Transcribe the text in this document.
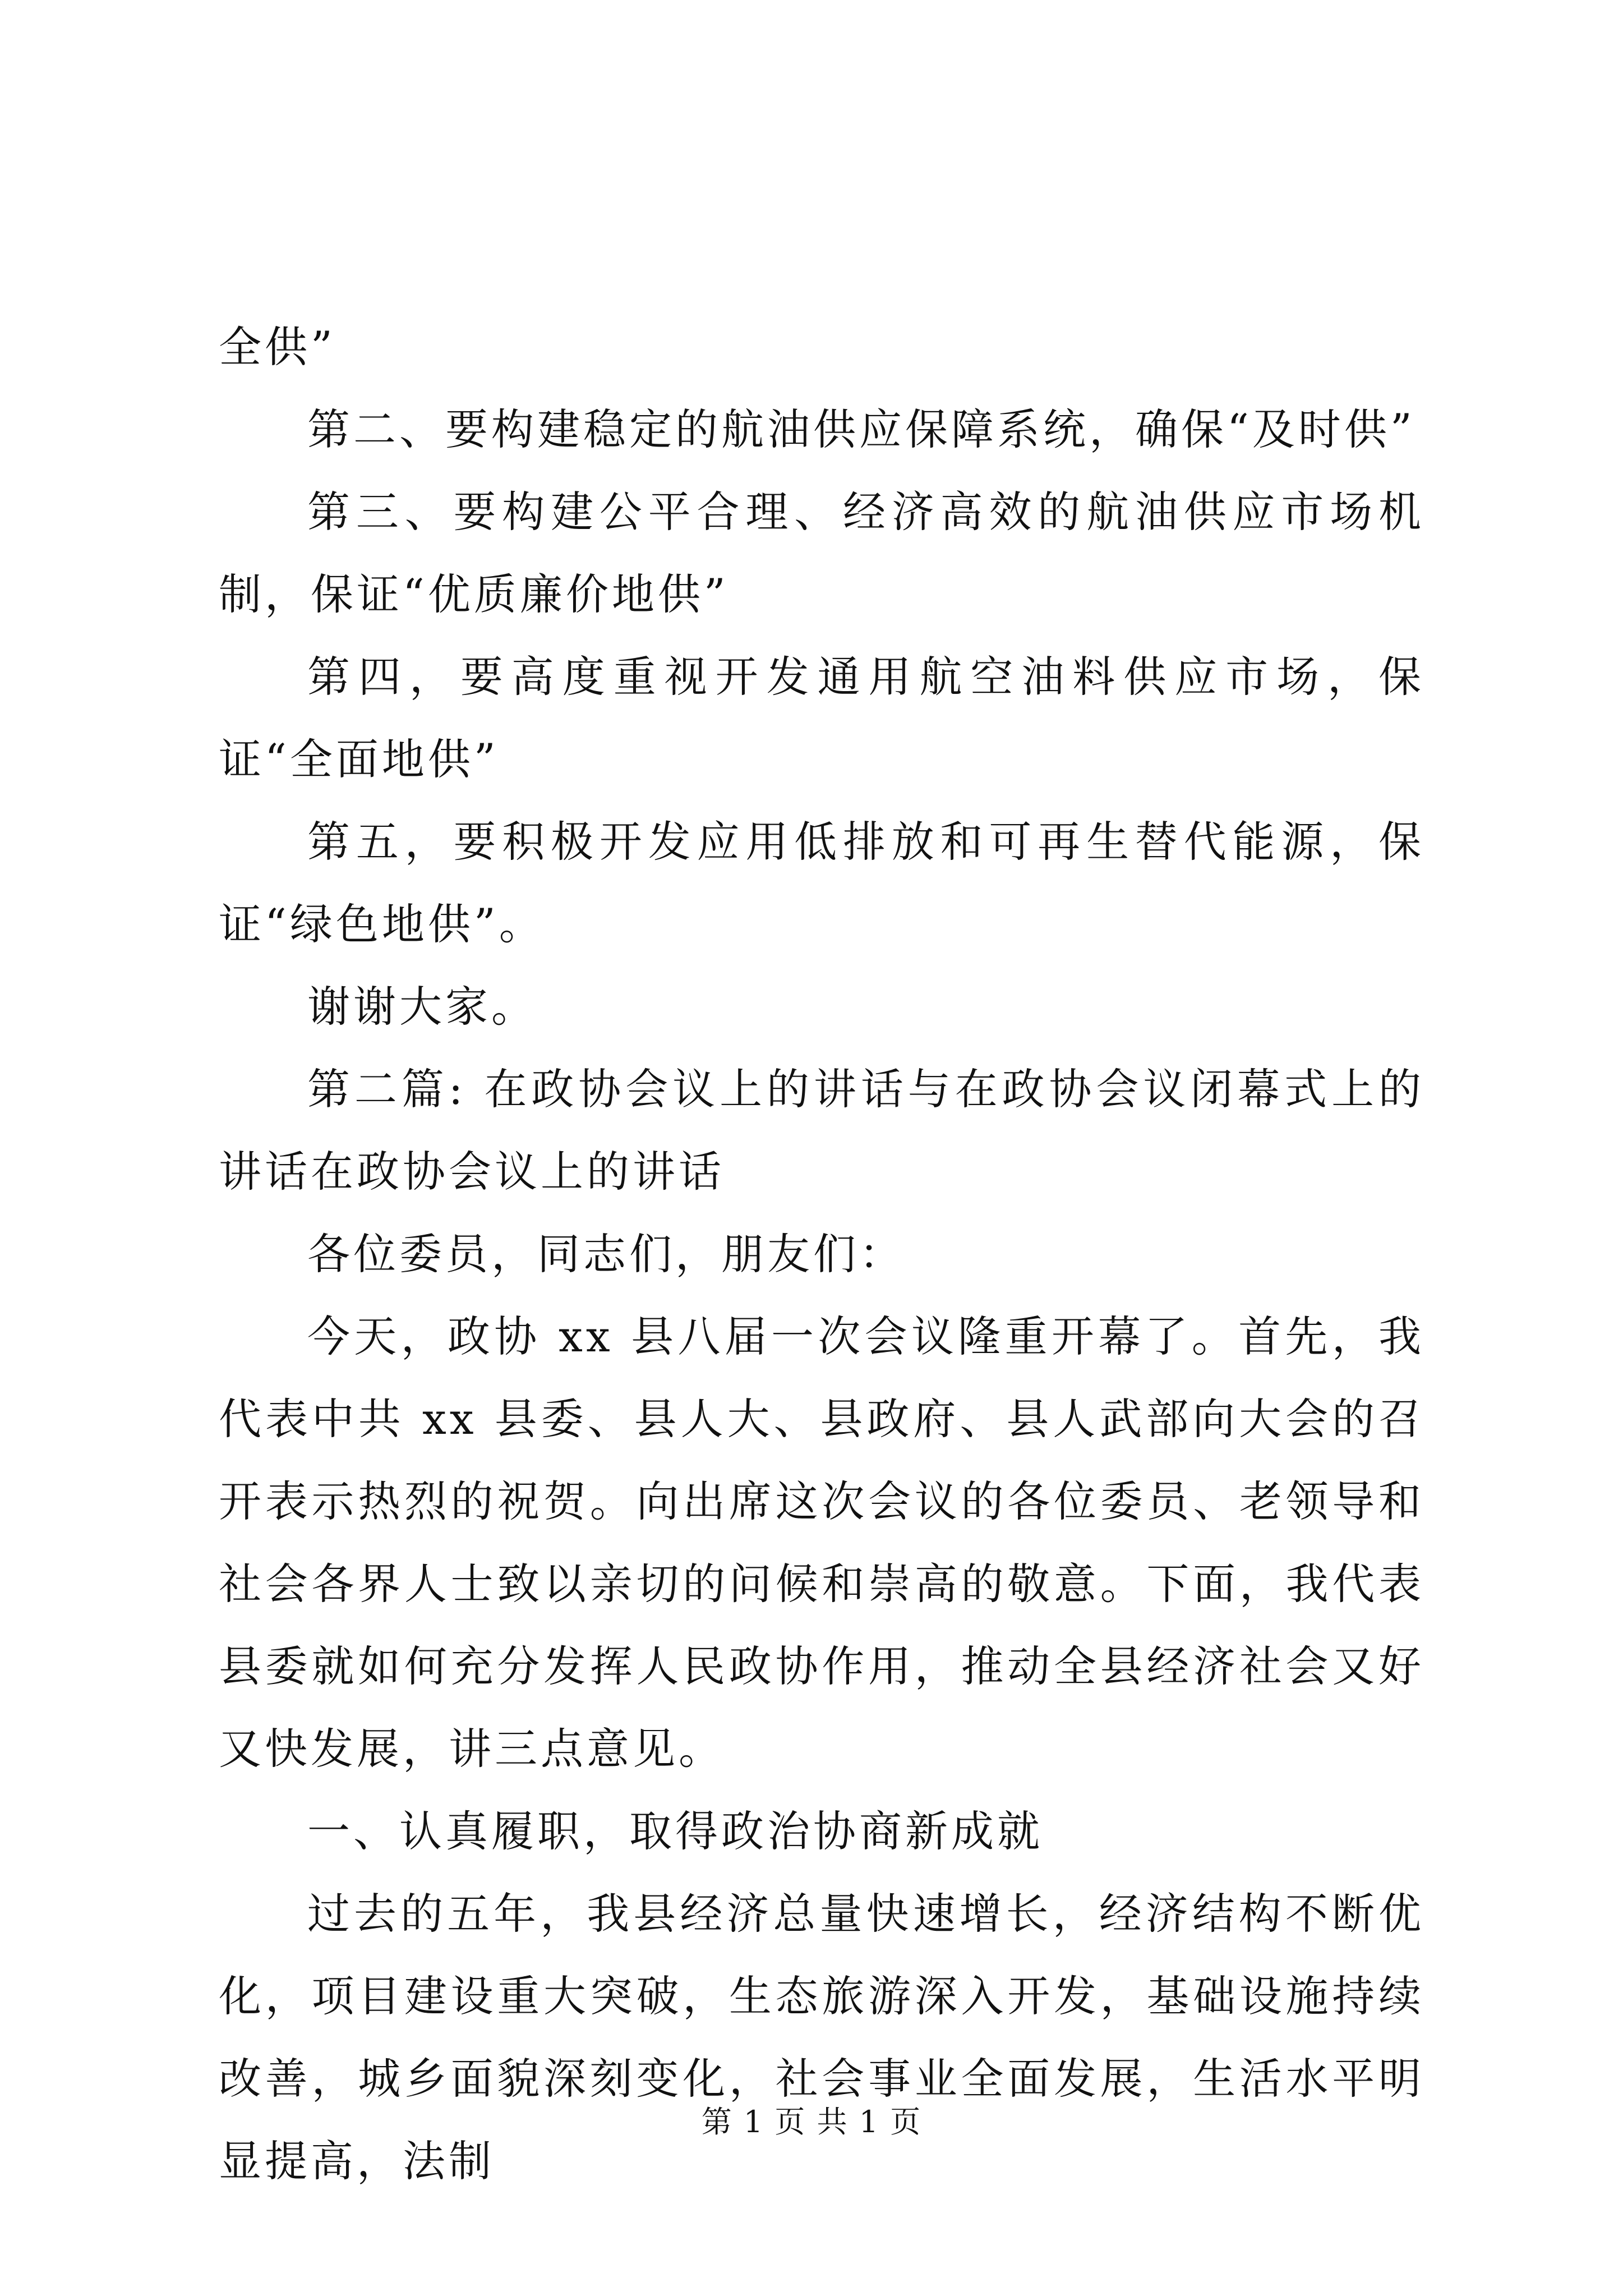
全供”

第二、要构建稳定的航油供应保障系统，确保“及时供”

第三、要构建公平合理、经济高效的航油供应市场机制，保证“优质廉价地供”

第四，要高度重视开发通用航空油料供应市场，保证“全面地供”

第五，要积极开发应用低排放和可再生替代能源，保证“绿色地供”。

谢谢大家。

第二篇: 在政协会议上的讲话与在政协会议闭幕式上的讲话在政协会议上的讲话

各位委员，同志们，朋友们：

今天，政协 xx 县八届一次会议隆重开幕了。首先，我代表中共 xx 县委、县人大、县政府、县人武部向大会的召开表示热烈的祝贺。向出席这次会议的各位委员、老领导和社会各界人士致以亲切的问候和崇高的敬意。下面，我代表县委就如何充分发挥人民政协作用，推动全县经济社会又好又快发展，讲三点意见。

一、认真履职，取得政治协商新成就

过去的五年，我县经济总量快速增长，经济结构不断优化，项目建设重大突破，生态旅游深入开发，基础设施持续改善，城乡面貌深刻变化，社会事业全面发展，生活水平明显提高，法制

第 1 页 共 1 页
